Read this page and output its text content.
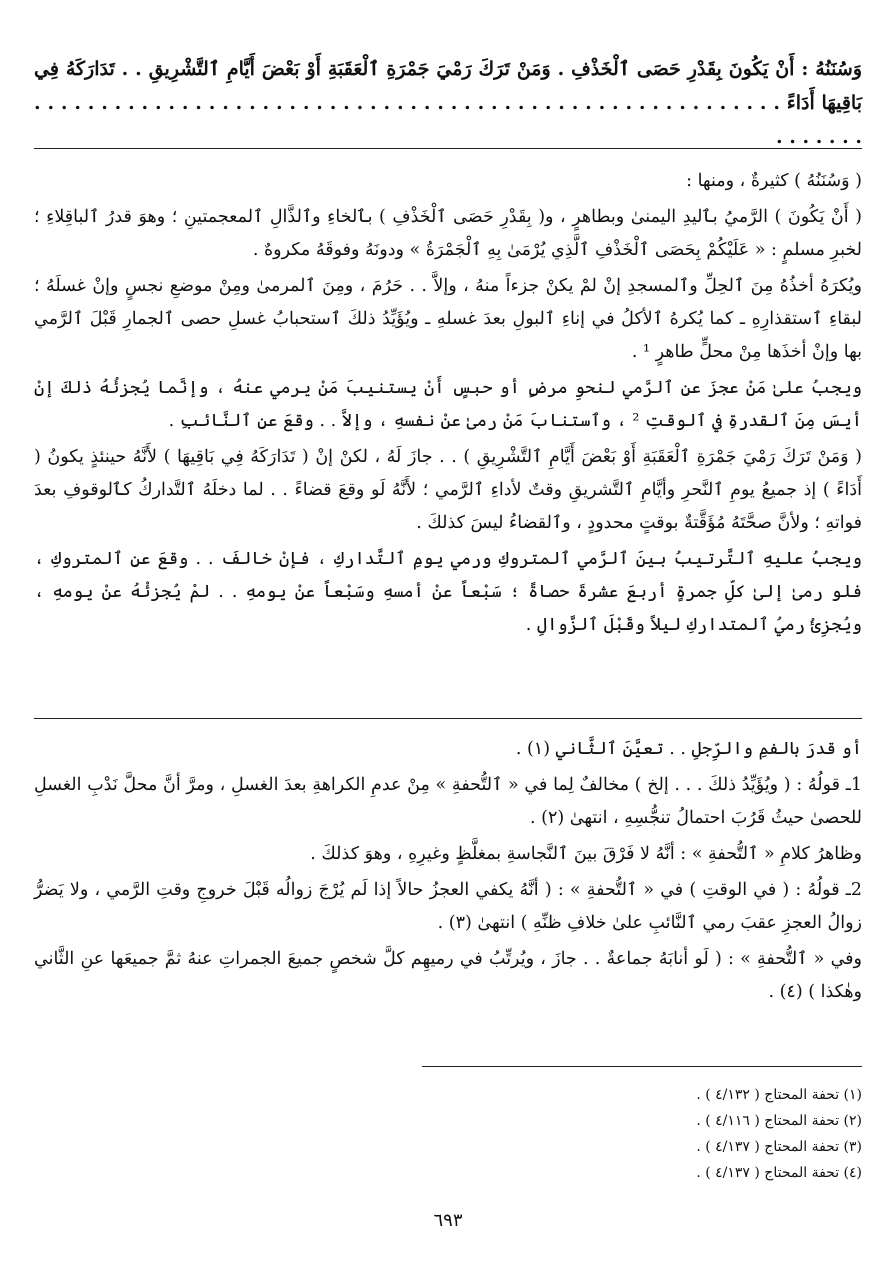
وَسُنَنُهُ : أَنْ يَكُونَ بِقَدْرِ حَصَى ٱلْخَذْفِ . وَمَنْ تَرَكَ رَمْيَ جَمْرَةِ ٱلْعَقَبَةِ أَوْ بَعْضَ أَيَّامِ ٱلتَّشْرِيقِ . . تَدَارَكَهُ فِي بَاقِيهَا أَدَاءً . . . . . . . . . . . . . . . . . . . . . . . . . . . . . . . . . . . . . . . . . . . . . . . . . . . . . . . . . . . . . . .

( وَسُنَنُهُ ) كثيرةٌ ، ومنها :

( أَنْ يَكُونَ ) الرَّميُ بٱليدِ اليمنىٰ وبطاهرٍ ، و( بِقَدْرِ حَصَى ٱلْخَذْفِ ) بٱلخاءِ وٱلذَّالِ ٱلمعجمتينِ ؛ وهوَ قدرُ ٱلباقِلاءِ ؛ لخبرِ مسلمٍ : « عَلَيْكُمْ بِحَصَى ٱلْخَذْفِ ٱلَّذِي يُرْمَىٰ بِهِ ٱلْجَمْرَةُ » ودونَهُ وفوقَهُ مكروهٌ .

ويُكرَهُ أخذُهُ مِنَ ٱلحِلِّ وٱلمسجدِ إنْ لمْ يكنْ جزءاً منهُ ، وإلاَّ . . حَرُمَ ، ومِنَ ٱلمرمىٰ ومِنْ موضعِ نجسٍ وإنْ غسلَهُ ؛ لبقاءِ ٱستقذارِهِ ـ كما يُكرهُ ٱلأكلُ في إناءِ ٱلبولِ بعدَ غسلهِ ـ ويُؤَيِّدُ ذلكَ ٱستحبابُ غسلِ حصى ٱلجمارِ قَبْلَ ٱلرَّمي بها وإنْ أخذَها مِنْ محلٍّ طاهرٍ ¹ .

ويجبُ علىٰ مَنْ عجزَ عنِ ٱلرَّمي لنحوِ مرضٍ أو حبسٍ أَنْ يستنيبَ مَنْ يرمي عنهُ ، وإنَّما يُجزئُهُ ذلكَ إنْ أيسَ مِنَ ٱلقدرةِ في ٱلوقتِ ² ، وٱستنابَ مَنْ رمىٰ عنْ نفسهِ ، وإلاَّ . . وقعَ عنِ ٱلنَّائبِ .

( وَمَنْ تَرَكَ رَمْيَ جَمْرَةِ ٱلْعَقَبَةِ أَوْ بَعْضَ أَيَّامِ ٱلتَّشْرِيقِ ) . . جازَ لَهُ ، لكنْ إنْ ( تَدَارَكَهُ فِي بَاقِيهَا ) لأَنَّهُ حينئذٍ يكونُ ( أَدَاءً ) إذ جميعُ يومِ ٱلنَّحرِ وأيَّامِ ٱلتَّشريقِ وقتٌ لأداءِ ٱلرَّمي ؛ لأَنَّهُ لَو وقعَ قضاءً . . لما دخلَهُ ٱلتَّداركُ كٱلوقوفِ بعدَ فواتهِ ؛ ولأنَّ صحَّتَهُ مُؤَقَّتةٌ بوقتٍ محدودٍ ، وٱلقضاءُ ليسَ كذلكَ .

ويجبُ عليهِ ٱلتَّرتيبُ بينَ ٱلرَّمي ٱلمتروكِ ورمي يومِ ٱلتَّداركِ ، فإنْ خالفَ . . وقعَ عنِ ٱلمتروكِ ، فلو رمىٰ إلىٰ كلِّ جمرةٍ أربعَ عشرةَ حصاةً ؛ سَبْعاً عنْ أمسهِ وسَبْعاً عنْ يومهِ . . لمْ يُجزئْهُ عنْ يومهِ ، ويُجزِئُ رميُ ٱلمتداركِ ليلاً وقَبْلَ ٱلزَّوالِ .

أو قدرَ بالفمِ والرِّجلِ . . تعيَّنَ ٱلثَّاني (١) .

1ـ قولُهُ : ( ويُؤَيِّدُ ذلكَ . . . إلخ ) مخالفٌ لِما في « ٱلتُّحفةِ » مِنْ عدمِ الكراهةِ بعدَ الغسلِ ، ومرَّ أنَّ محلَّ نَدْبِ الغسلِ للحصىٰ حيثُ قَرُبَ احتمالُ تنجُّسِهِ ، انتهىٰ (٢) .

وظاهرُ كلامِ « ٱلتُّحفةِ » : أنَّهُ لا فَرْقَ بينَ ٱلنَّجاسةِ بمغلَّظٍ وغيرِهِ ، وهوَ كذلكَ .

2ـ قولُهُ : ( في الوقتِ ) في « ٱلتُّحفةِ » : ( أنَّهُ يكفي العجزُ حالاً إذا لَم يُرْجَ زوالُه قَبْلَ خروجِ وقتِ الرَّمي ، ولا يَضرُّ زوالُ العجزِ عقبَ رمي ٱلنَّائبِ علىٰ خلافِ ظنِّهِ ) انتهىٰ (٣) .

وفي « ٱلتُّحفةِ » : ( لَو أنابَهُ جماعةٌ . . جازَ ، ويُرتِّبُ في رميهِم كلَّ شخصٍ جميعَ الجمراتِ عنهُ ثمَّ جميعَها عنِ الثَّاني وهٰكذا ) (٤) .

(١) تحفة المحتاج ( ٤/١٣٢ ) .

(٢) تحفة المحتاج ( ٤/١١٦ ) .

(٣) تحفة المحتاج ( ٤/١٣٧ ) .

(٤) تحفة المحتاج ( ٤/١٣٧ ) .

٦٩٣
